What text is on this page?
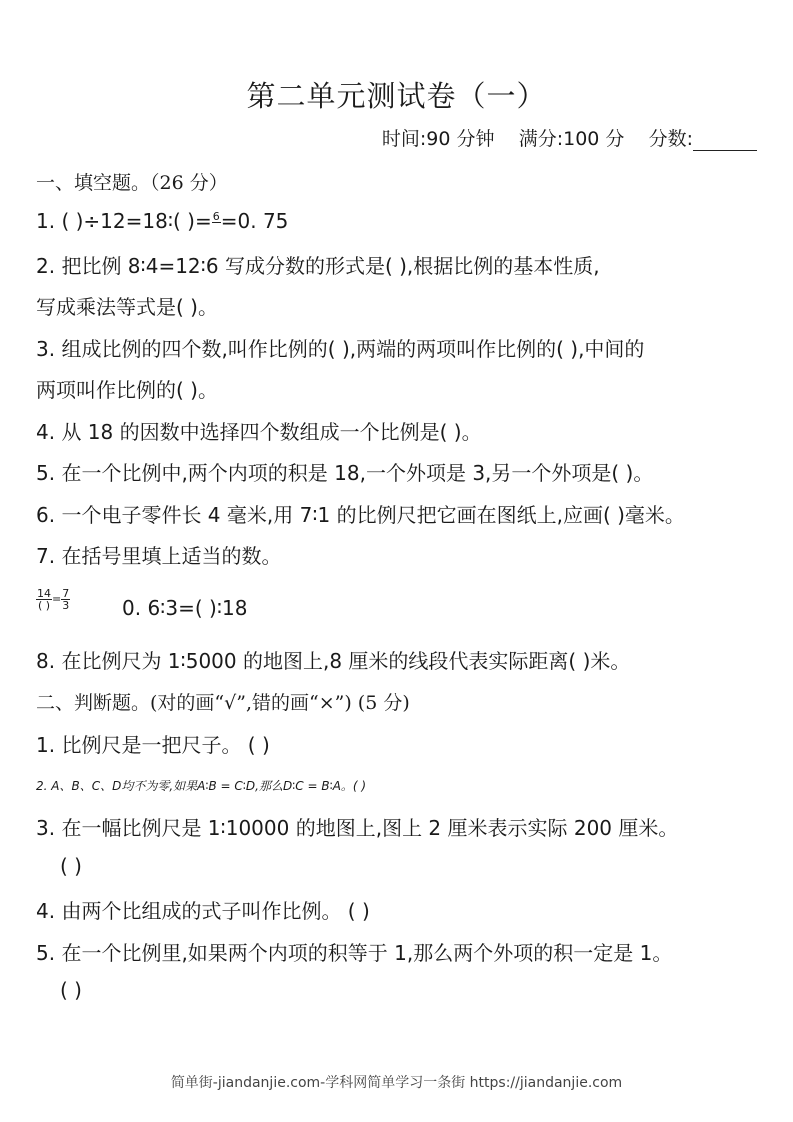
第二单元测试卷（一）
时间:90 分钟 满分:100 分 分数:
一、填空题。（26 分）
1. ( )÷12=18∶( )= 6
=0. 75
2. 把比例 8∶4=12∶6 写成分数的形式是( ),根据比例的基本性质,
写成乘法等式是( )。
3. 组成比例的四个数,叫作比例的( ),两端的两项叫作比例的( ),中间的
两项叫作比例的( )。
4. 从 18 的因数中选择四个数组成一个比例是( )。
5. 在一个比例中,两个内项的积是 18,一个外项是 3,另一个外项是( )。
6. 一个电子零件长 4 毫米,用 7∶1 的比例尺把它画在图纸上,应画( )毫米。
7. 在括号里填上适当的数。
$\frac{14}{( )} = \frac{7}{3}$	0. 6∶3=( )∶18
8. 在比例尺为 1∶5000 的地图上,8 厘米的线段代表实际距离( )米。
二、判断题。(对的画“√”,错的画“×”) (5 分)
1. 比例尺是一把尺子。 ( )
2. A、B、C、D均不为零,如果A∶B = C∶D,那么D∶C = B∶A。( )
3. 在一幅比例尺是 1∶10000 的地图上,图上 2 厘米表示实际 200 厘米。
( )
4. 由两个比组成的式子叫作比例。 ( )
5. 在一个比例里,如果两个内项的积等于 1,那么两个外项的积一定是 1。
( )
简单街-jiandanjie.com-学科网简单学习一条街 https://jiandanjie.com
